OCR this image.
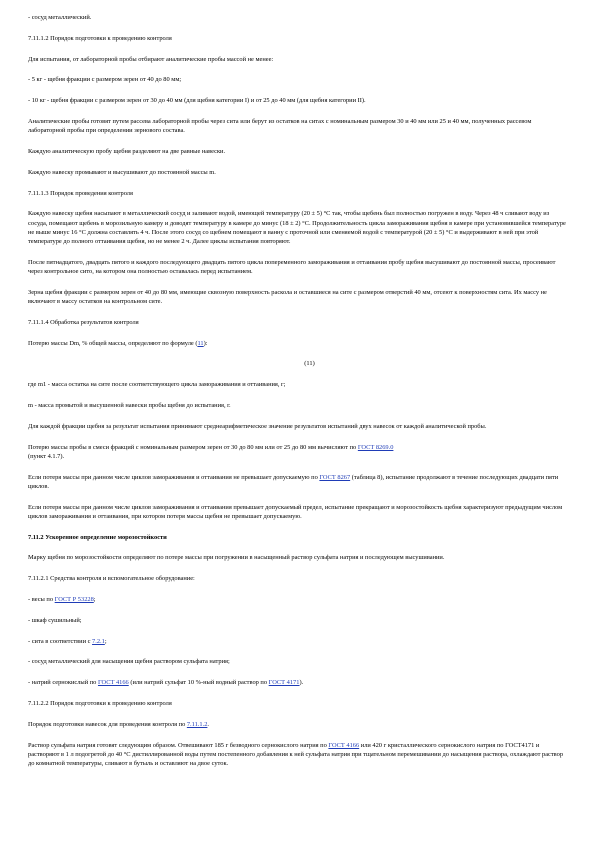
- сосуд металлический.

7.11.1.2 Порядок подготовки к проведению контроля

Для испытания, от лабораторной пробы отбирают аналитические пробы массой не менее:

- 5 кг - щебня фракции с размером зерен от 40 до 80 мм;

- 10 кг - щебня фракции с размером зерен от 30 до 40 мм (для щебня категории I) и от 25 до 40 мм (для щебня категории II).

Аналитические пробы готовят путем рассева лабораторной пробы через сита или берут из остатков на ситах с номинальным размером 30 и 40 мм или 25 и 40 мм, полученных рассевом лабораторной пробы при определении зернового состава.

Каждую аналитическую пробу щебня разделяют на две равные навески.

Каждую навеску промывают и высушивают до постоянной массы m.

7.11.1.3 Порядок проведения контроля

Каждую навеску щебня насыпают в металлический сосуд и заливают водой, имеющей температуру (20 ± 5) °С так, чтобы щебень был полностью погружен в воду. Через 48 ч сливают воду из сосуда, помещают щебень в морозильную камеру и доводят температуру в камере до минус (18 ± 2) °С. Продолжительность цикла замораживания щебня в камере при установившейся температуре не выше минус 16 °С должна составлять 4 ч. После этого сосуд со щебнем помещают в ванну с проточной или сменяемой водой с температурой (20 ± 5) °С и выдерживают в ней при этой температуре до полного оттаивания щебня, но не менее 2 ч. Далее циклы испытания повторяют.

После пятнадцатого, двадцать пятого и каждого последующего двадцать пятого цикла попеременного замораживания и оттаивания пробу щебня высушивают до постоянной массы, просеивают через контрольное сито, на котором она полностью оставалась перед испытанием.

Зерна щебня фракции с размером зерен от 40 до 80 мм, имеющие сквозную поверхность раскола и оставшиеся на сите с размером отверстий 40 мм, отсеют к поверхностям сита. Их массу не включают в массу остатков на контрольном сите.

7.11.1.4 Обработка результатов контроля

Потерю массы Dm, % общей массы, определяют по формуле (11):

(11)

где m1 - масса остатка на сите после соответствующего цикла замораживания и оттаивания, г;

m - масса промытой и высушенной навески пробы щебня до испытания, г.

Для каждой фракции щебня за результат испытания принимают среднеарифметическое значение результатов испытаний двух навесок от каждой аналитической пробы.

Потерю массы пробы в смеси фракций с номинальным размером зерен от 30 до 80 мм или от 25 до 80 мм вычисляют по ГОСТ 8269.0
(пункт 4.1.7).

Если потеря массы при данном числе циклов замораживания и оттаивания не превышает допускаемую по ГОСТ 8267 (таблица 8), испытание продолжают в течение последующих двадцати пяти циклов.

Если потеря массы при данном числе циклов замораживания и оттаивания превышает допускаемый предел, испытание прекращают и морозостойкость щебня характеризуют предыдущим числом циклов замораживания и оттаивания, при котором потеря массы щебня не превышает допускаемую.

7.11.2 Ускоренное определение морозостойкости

Марку щебня по морозостойкости определяют по потере массы при погружении в насыщенный раствор сульфата натрия и последующем высушивании.

7.11.2.1 Средства контроля и вспомогательное оборудование:

- весы по ГОСТ Р 53228;

- шкаф сушильный;

- сита в соответствии с 7.2.1;

- сосуд металлический для насыщения щебня раствором сульфата натрия;

- натрий сернокислый по ГОСТ 4166 (или натрий сульфат 10 %-ный водный раствор по ГОСТ 4171).

7.11.2.2 Порядок подготовки к проведению контроля

Порядок подготовки навесок для проведения контроля по 7.11.1.2.

Раствор сульфата натрия готовят следующим образом. Отвешивают 185 г безводного сернокислого натрия по ГОСТ 4166 или 420 г кристаллического сернокислого натрия по ГОСТ4171 и растворяют в 1 л подогретой до 40 °С дистиллированной воды путем постепенного добавления к ней сульфата натрия при тщательном перемешивании до насыщения раствора, охлаждают раствор до комнатной температуры, сливают в бутыль и оставляют на двое суток.
